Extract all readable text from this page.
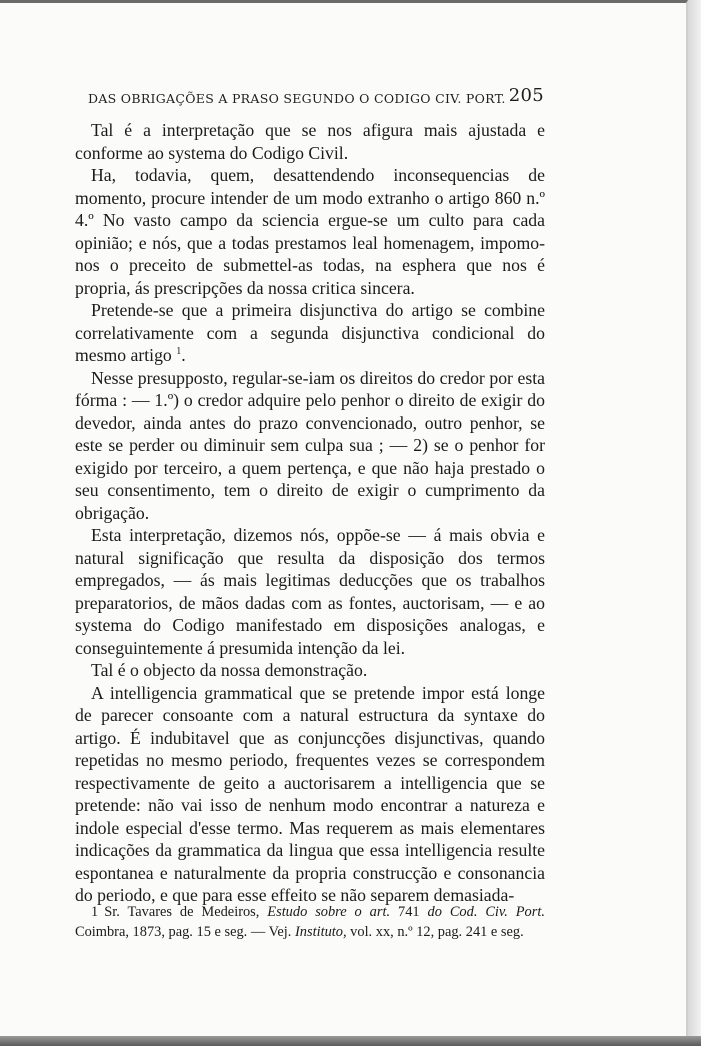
DAS OBRIGAÇÕES A PRASO SEGUNDO O CODIGO CIV. PORT. 205

Tal é a interpretação que se nos afigura mais ajustada e conforme ao systema do Codigo Civil.

Ha, todavia, quem, desattendendo inconsequencias de momento, procure intender de um modo extranho o artigo 860 n.º 4.º No vasto campo da sciencia ergue-se um culto para cada opinião; e nós, que a todas prestamos leal homenagem, impomo-nos o preceito de submettel-as todas, na esphera que nos é propria, ás prescripções da nossa critica sincera.

Pretende-se que a primeira disjunctiva do artigo se combine correlativamente com a segunda disjunctiva condicional do mesmo artigo $^1$.

Nesse presupposto, regular-se-iam os direitos do credor por esta fórma : — 1.º) o credor adquire pelo penhor o direito de exigir do devedor, ainda antes do prazo convencionado, outro penhor, se este se perder ou diminuir sem culpa sua ; — 2) se o penhor for exigido por terceiro, a quem pertença, e que não haja prestado o seu consentimento, tem o direito de exigir o cumprimento da obrigação.

Esta interpretação, dizemos nós, oppõe-se — á mais obvia e natural significação que resulta da disposição dos termos empregados, — ás mais legitimas deducções que os trabalhos preparatorios, de mãos dadas com as fontes, auctorisam, — e ao systema do Codigo manifestado em disposições analogas, e conseguintemente á presumida intenção da lei.

Tal é o objecto da nossa demonstração.

A intelligencia grammatical que se pretende impor está longe de parecer consoante com a natural estructura da syntaxe do artigo. É indubitavel que as conjuncções disjunctivas, quando repetidas no mesmo periodo, frequentes vezes se correspondem respectivamente de geito a auctorisarem a intelligencia que se pretende: não vai isso de nenhum modo encontrar a natureza e indole especial d'esse termo. Mas requerem as mais elementares indicações da grammatica da lingua que essa intelligencia resulte espontanea e naturalmente da propria construcção e consonancia do periodo, e que para esse effeito se não separem demasiada-

1 Sr. Tavares de Medeiros, Estudo sobre o art. 741 do Cod. Civ. Port. Coimbra, 1873, pag. 15 e seg. — Vej. Instituto, vol. xx, n.º 12, pag. 241 e seg.
